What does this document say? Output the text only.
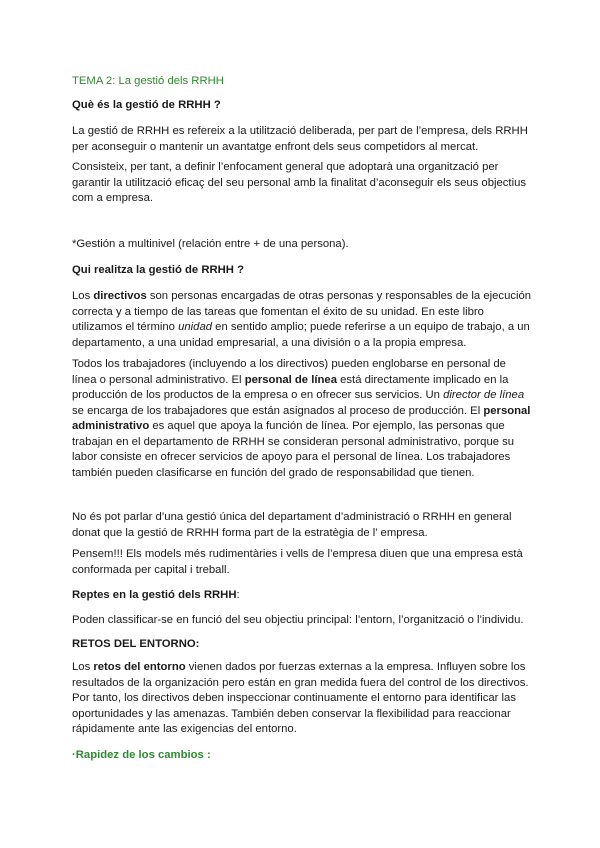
TEMA 2: La gestió dels RRHH

Què és la gestió de RRHH ?

La gestió de RRHH es refereix a la utilització deliberada, per part de l’empresa, dels RRHH per aconseguir o mantenir un avantatge enfront dels seus competidors al mercat.

Consisteix, per tant, a definir l’enfocament general que adoptarà una organització per garantir la utilització eficaç del seu personal amb la finalitat d’aconseguir els seus objectius com a empresa.

*Gestión a multinivel (relación entre + de una persona).

Qui realitza la gestió de RRHH ?

Los directivos son personas encargadas de otras personas y responsables de la ejecución correcta y a tiempo de las tareas que fomentan el éxito de su unidad. En este libro utilizamos el término unidad en sentido amplio; puede referirse a un equipo de trabajo, a un departamento, a una unidad empresarial, a una división o a la propia empresa.

Todos los trabajadores (incluyendo a los directivos) pueden englobarse en personal de línea o personal administrativo. El personal de línea está directamente implicado en la producción de los productos de la empresa o en ofrecer sus servicios. Un director de línea se encarga de los trabajadores que están asignados al proceso de producción. El personal administrativo es aquel que apoya la función de línea. Por ejemplo, las personas que trabajan en el departamento de RRHH se consideran personal administrativo, porque su labor consiste en ofrecer servicios de apoyo para el personal de línea. Los trabajadores también pueden clasificarse en función del grado de responsabilidad que tienen.

No és pot parlar d’una gestió única del departament d’administració o RRHH en general donat que la gestió de RRHH forma part de la estratègia de l’ empresa.

Pensem!!! Els models més rudimentàries i vells de l’empresa diuen que una empresa està conformada per capital i treball.

Reptes en la gestió dels RRHH:

Poden classificar-se en funció del seu objectiu principal: l’entorn, l’organització o l’individu.

RETOS DEL ENTORNO:

Los retos del entorno vienen dados por fuerzas externas a la empresa. Influyen sobre los resultados de la organización pero están en gran medida fuera del control de los directivos. Por tanto, los directivos deben inspeccionar continuamente el entorno para identificar las oportunidades y las amenazas. También deben conservar la flexibilidad para reaccionar rápidamente ante las exigencias del entorno.

·Rapidez de los cambios :
